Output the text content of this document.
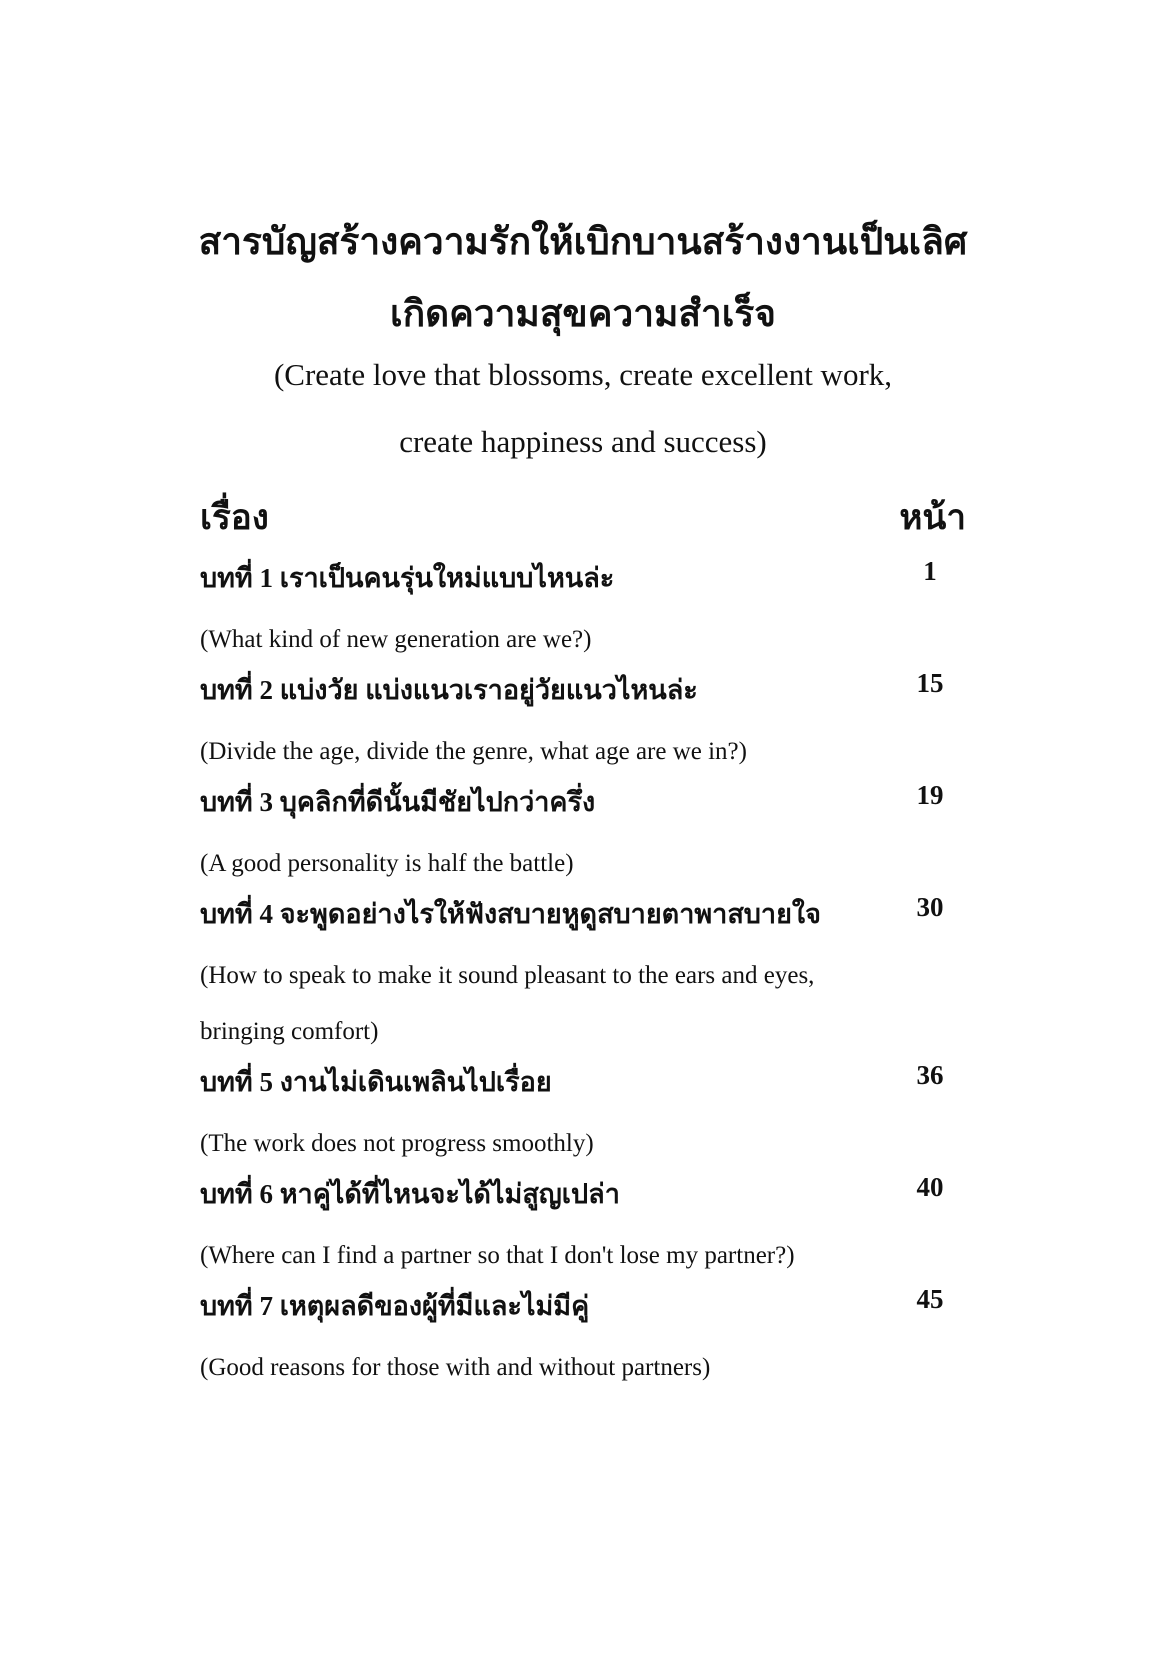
สารบัญสร้างความรักให้เบิกบานสร้างงานเป็นเลิศ
เกิดความสุขความสำเร็จ
(Create love that blossoms, create excellent work,
create happiness and success)
เรื่อง	หน้า
บทที่ 1 เราเป็นคนรุ่นใหม่แบบไหนล่ะ	1
(What kind of new generation are we?)
บทที่ 2 แบ่งวัย แบ่งแนวเราอยู่วัยแนวไหนล่ะ	15
(Divide the age, divide the genre, what age are we in?)
บทที่ 3 บุคลิกที่ดีนั้นมีชัยไปกว่าครึ่ง	19
(A good personality is half the battle)
บทที่ 4 จะพูดอย่างไรให้ฟังสบายหูดูสบายตาพาสบายใจ	30
(How to speak to make it sound pleasant to the ears and eyes,
bringing comfort)
บทที่ 5 งานไม่เดินเพลินไปเรื่อย	36
(The work does not progress smoothly)
บทที่ 6 หาคู่ได้ที่ไหนจะได้ไม่สูญเปล่า	40
(Where can I find a partner so that I don't lose my partner?)
บทที่ 7 เหตุผลดีของผู้ที่มีและไม่มีคู่	45
(Good reasons for those with and without partners)
